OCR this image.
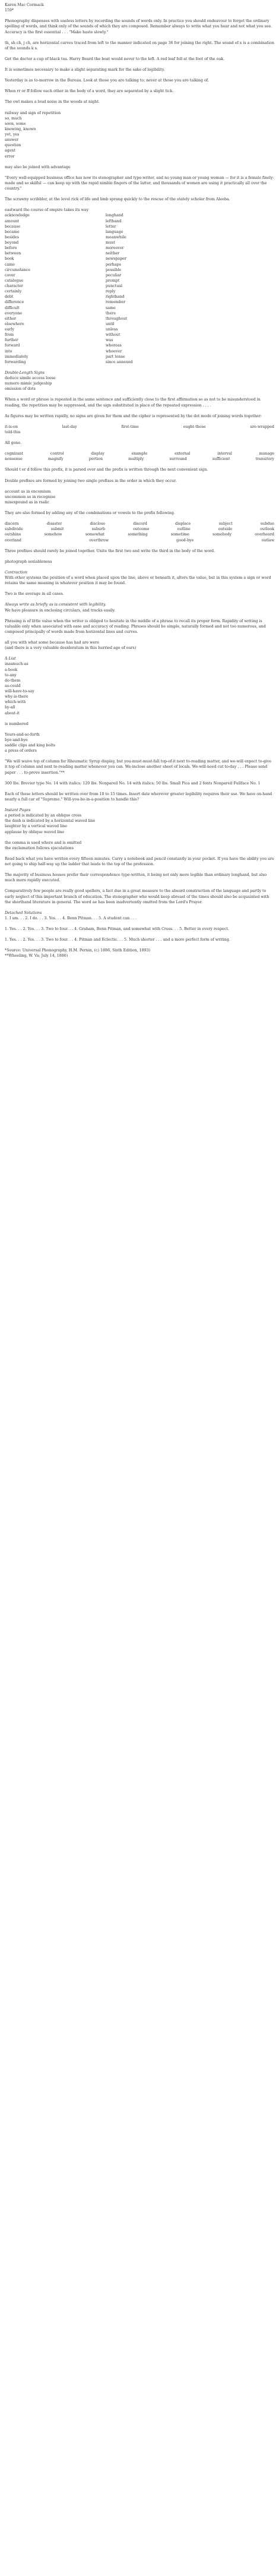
Karen Mac Cormack

159*

Phonography dispenses with useless letters by recording the sounds of words only. In practice you should endeavour to forget the ordinary spelling of words, and think only of the sounds of which they are composed. Remember always to write what you hear and not what you see. Accuracy is the first essential . . . "Make haste slowly."

th, sh ch, j ch, are horizontal curves traced from left to the manner indicated on page 36 for joining the right. The sound of x is a combination of the sounds k s.

Get the doctor a cup of black tea. Harry Beard the boat would never to the left. A red leaf fell at the foot of the oak.

It is sometimes necessary to make a slight separating mark for the sake of legibility.

Yesterday is as to-morrow in the Bureau. Look at those you are talking to; never at those you are talking of.

When rr or ff follow each other in the body of a word, they are separated by a slight tick.

The owl makes a loud noise in the woods at night.

railway and sign of repetition

so, much

soon, some

knowing, known

yet, yes

answer

question

agent

error

may also be joined with advantage

"Every well-equipped business office has now its stenographer and type-writer, and no young man or young woman — for it is a female finely-made and so skilful — can keep up with the rapid nimble fingers of the latter, and thousands of women are using it practically all over the country."

The scrawny scribbler, at the level rick of life and limb sprang quickly to the rescue of the stately scholar from Aleeba.

eastward the course of empire takes its way

acknowledge	longhand
amount	lefthand
because	letter
became	language
besides	meanwhile
beyond	must
before	moreover
between	neither
book	newspaper
came	perhaps
circumstance	possible
cover	peculiar
catalogue	prompt
character	punctual
certainly	reply
debt	righthand
difference	remember
difficult	same
everyone	there
either	throughout
elsewhere	until
early	unless
from	without
further	was
forward	whereas
into	whoever
immediately	part tense
forwarding	since annexed

Double-Length Signs

deduce simile access loose

numero mimic judgeship

omission of dots

When a word or phrase is repeated in the same sentence and sufficiently close to the first affirmation so as not to be misunderstood in reading, the repetition may be suppressed, and the sign substituted in place of the repeated expression . . . .

As figures may be written rapidly, no signs are given for them and the cipher is represented by the dot mode of joining words together:

it-is-on	last-day	first-time	ought-those	are-wrapped
told-this

All gone.

cognizant	control	display	example	external	interval	manage
nonsense	magnify	portion	multiply	surround	sufficient	transitory

Should t or d follow this prefix, it is parsed over and the prefix is written through the next convenient sign.

Double prefixes are formed by joining two single prefixes in the order in which they occur.

account as in encomium

uncommon as in recognise

misexpound as in rsalic

They are also formed by adding any of the combinations or vowels to the prefix following.

discern	disaster	disclose	discord	displace	subject	subdue
subdivide	submit	suburb	outcome	outline	outside	outlook
outshine	somehow	somewhat	something	sometime	somebody	overheard
overland	overthrow	good-bye	outlaw

Three prefixes should rarely be joined together. Unite the first two and write the third in the body of the word.

photograph sexiableness

Contraction

With other systems the position of a word when placed upon the line, above or beneath it, alters the value, but in this system a sign or word retains the same meaning in whatever position it may be found.

Two is the average in all cases.

Always write as briefly as is consistent with legibility.

We have pleasure in enclosing circulars, and tracks easily.

Phrasing is of little value when the writer is obliged to hesitate in the middle of a phrase to recall its proper form. Rapidity of writing is valuable only when associated with ease and accuracy of reading. Phrases should be simple, naturally formed and not too numerous, and composed principally of words made from horizontal lines and curves.

all you with what some because has had are were

(and there is a very valuable desideratum in this hurried age of ours)

A List

inasmuch-as

a-book

to-any

do-them

as-could

will-have-to-say

why-is-there

which-with

by-all

about-it

is numbered

Yours-and-so-forth

bye-and-bye

saddle clips and king bolts

a press of orders

"We will waive top of column for Rheumatic Syrup display, but you-must-must-fall top-of-it next to-reading matter, and we-will expect to-give it top of column and next to-reading matter whenever you can. We-inclose another sheet of locals. We-will-need cut to-day . . . Please send paper . . . to-prove insertion."**

300 lbs. Brevier type No. 14 with italics; 120 lbs. Nonpareil No. 14 with italics; 50 lbs. Small Pica and 2 fonts Nonpareil Fullface No. 1

Each of these letters should be written over from 10 to 15 times. Insert date wherever greater legibility requires their use. We have on-hand nearly a full car of "Supreme." Will-you-be-in-a-position to handle this?

Instant Pages

a period is indicated by an oblique cross

the dash is indicated by a horizontal waved line

laughter by a vertical waved line

applause by oblique waved line

the comma is used where and is omitted

the exclamation follows ejaculations

Read back what you have written every fifteen minutes. Carry a notebook and pencil constantly in your pocket. If you have the ability you are not going to ship half-way up the ladder that leads to the top of the profession.

The majority of business houses prefer their correspondence type-written, it being not only more legible than ordinary longhand, but also much more rapidly executed.

Comparatively few people are really good spellers, a fact due in a great measure to the absurd construction of the language and partly to early neglect of this important branch of education. The stenographer who would keep abreast of the times should also be acquainted with the shorthand literature in general. The word ae has been inadvertently omitted from the Lord's Prayer.

Detached Solutions

1. I am. . . 2. I do. . . 3. Yes. . . 4. Benn Pitman. . . 5. A student can . . .

1. Yes. . . 2. Yes. . . 3. Two to four. . . 4. Graham, Benn Pitman, and somewhat with Cross. . . 5. Better in every respect.

1. Yes. . . 2. Yes. . . 3. Two to four. . . 4. Pitman and Eclectic. . . 5. Much shorter . . . and a more perfect form of writing.

*Source: Universal Phonography, H.M. Pernin, (c) 1886, Sixth Edition, 1893)

**Wheeling, W. Va; July 14, 1886)
